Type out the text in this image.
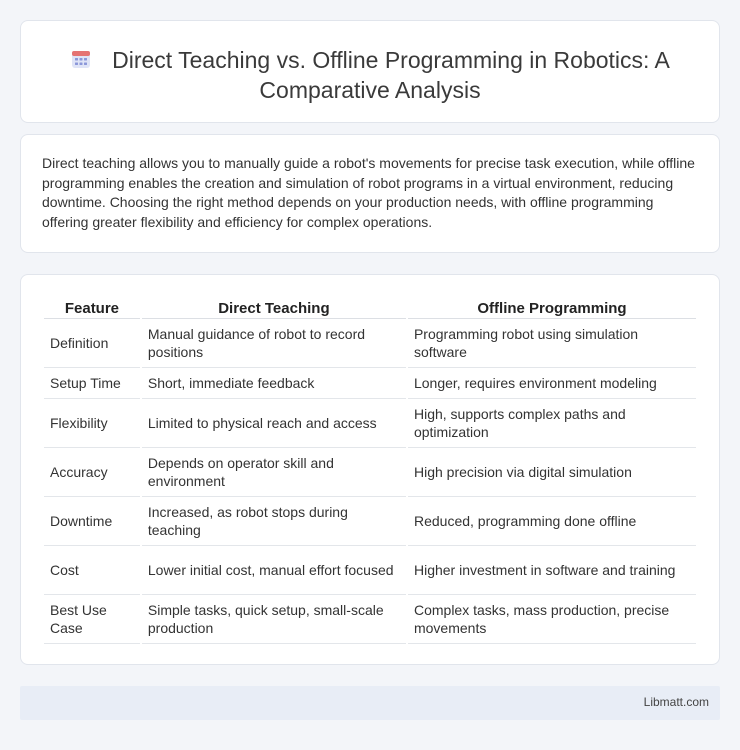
Direct Teaching vs. Offline Programming in Robotics: A Comparative Analysis

Direct teaching allows you to manually guide a robot's movements for precise task execution, while offline programming enables the creation and simulation of robot programs in a virtual environment, reducing downtime. Choosing the right method depends on your production needs, with offline programming offering greater flexibility and efficiency for complex operations.

Feature	Direct Teaching	Offline Programming
Definition	Manual guidance of robot to record positions	Programming robot using simulation software
Setup Time	Short, immediate feedback	Longer, requires environment modeling
Flexibility	Limited to physical reach and access	High, supports complex paths and optimization
Accuracy	Depends on operator skill and environment	High precision via digital simulation
Downtime	Increased, as robot stops during teaching	Reduced, programming done offline
Cost	Lower initial cost, manual effort focused	Higher investment in software and training
Best Use Case	Simple tasks, quick setup, small-scale production	Complex tasks, mass production, precise movements
Libmatt.com
